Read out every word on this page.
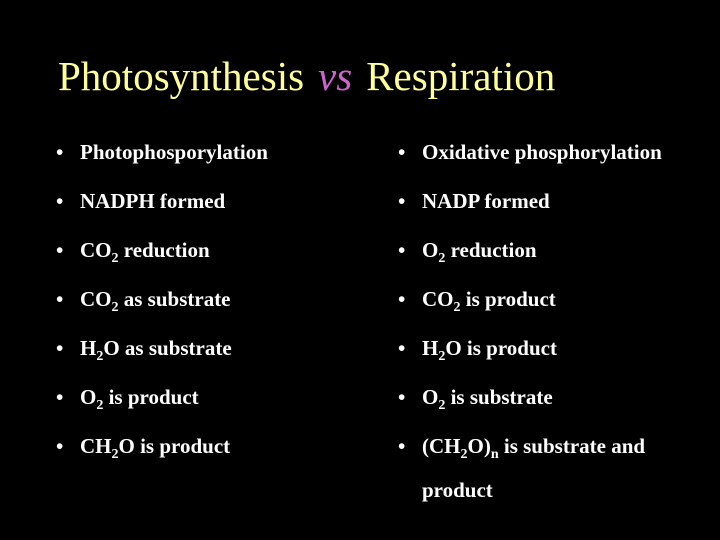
Photosynthesis vs Respiration
• Photophosporylation
• NADPH formed
• $CO_2$ reduction
• $CO_2$ as substrate
• $H_2O$ as substrate
• $O_2$ is product
• $CH_2O$ is product
• Oxidative phosphorylation
• NADP formed
• $O_2$ reduction
• $CO_2$ is product
• $H_2O$ is product
• $O_2$ is substrate
• $(CH_2O)_n$ is substrate and
product
